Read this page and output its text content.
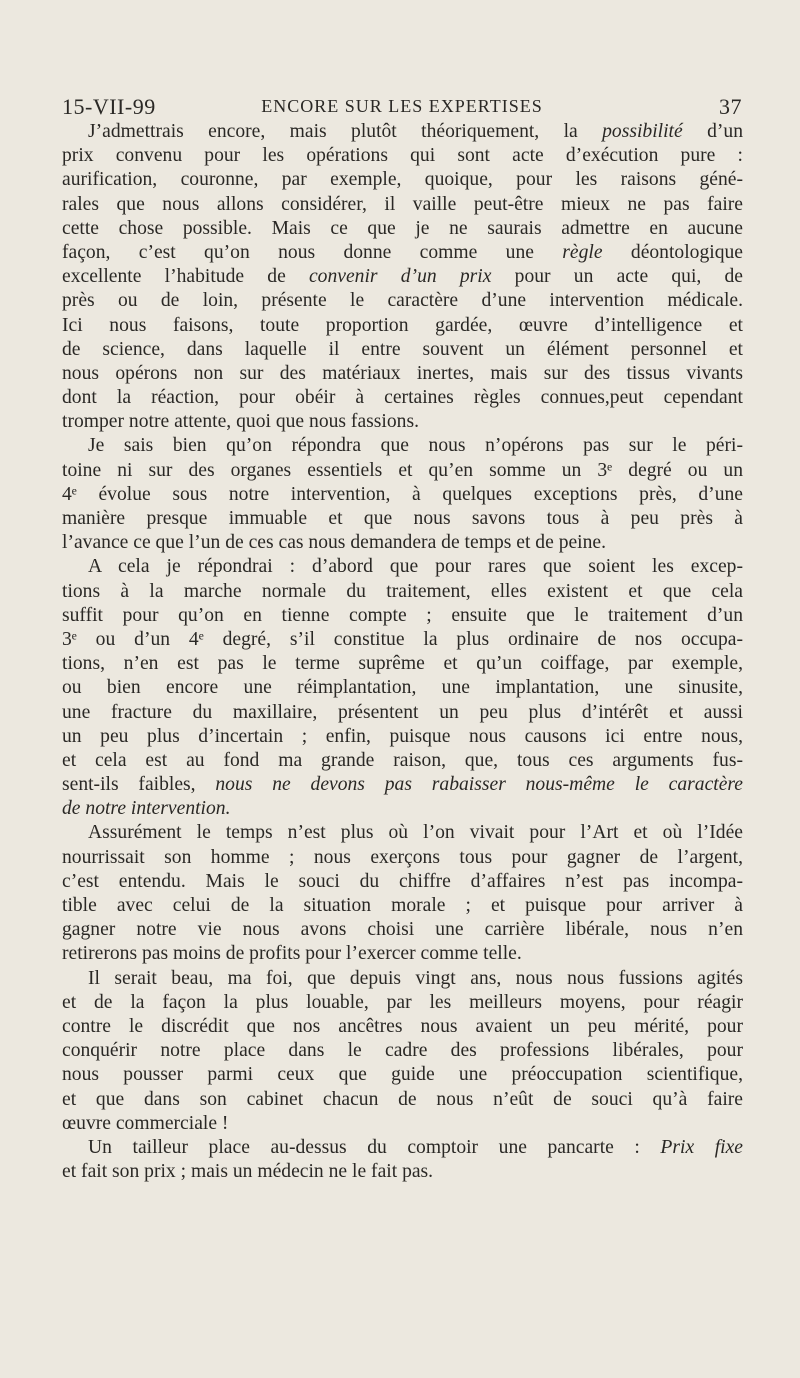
15-VII-99	ENCORE SUR LES EXPERTISES	37
J’admettrais encore, mais plutôt théoriquement, la possibilité d’un
prix convenu pour les opérations qui sont acte d’exécution pure :
aurification, couronne, par exemple, quoique, pour les raisons géné-
rales que nous allons considérer, il vaille peut-être mieux ne pas faire
cette chose possible. Mais ce que je ne saurais admettre en aucune
façon, c’est qu’on nous donne comme une règle déontologique
excellente l’habitude de convenir d’un prix pour un acte qui, de
près ou de loin, présente le caractère d’une intervention médicale.
Ici nous faisons, toute proportion gardée, œuvre d’intelligence et
de science, dans laquelle il entre souvent un élément personnel et
nous opérons non sur des matériaux inertes, mais sur des tissus vivants
dont la réaction, pour obéir à certaines règles connues,peut cependant
tromper notre attente, quoi que nous fassions.
Je sais bien qu’on répondra que nous n’opérons pas sur le péri-
toine ni sur des organes essentiels et qu’en somme un 3ᵉ degré ou un
4ᵉ évolue sous notre intervention, à quelques exceptions près, d’une
manière presque immuable et que nous savons tous à peu près à
l’avance ce que l’un de ces cas nous demandera de temps et de peine.
A cela je répondrai : d’abord que pour rares que soient les excep-
tions à la marche normale du traitement, elles existent et que cela
suffit pour qu’on en tienne compte ; ensuite que le traitement d’un
3ᵉ ou d’un 4ᵉ degré, s’il constitue la plus ordinaire de nos occupa-
tions, n’en est pas le terme suprême et qu’un coiffage, par exemple,
ou bien encore une réimplantation, une implantation, une sinusite,
une fracture du maxillaire, présentent un peu plus d’intérêt et aussi
un peu plus d’incertain ; enfin, puisque nous causons ici entre nous,
et cela est au fond ma grande raison, que, tous ces arguments fus-
sent-ils faibles, nous ne devons pas rabaisser nous-même le caractère
de notre intervention.
Assurément le temps n’est plus où l’on vivait pour l’Art et où l’Idée
nourrissait son homme ; nous exerçons tous pour gagner de l’argent,
c’est entendu. Mais le souci du chiffre d’affaires n’est pas incompa-
tible avec celui de la situation morale ; et puisque pour arriver à
gagner notre vie nous avons choisi une carrière libérale, nous n’en
retirerons pas moins de profits pour l’exercer comme telle.
Il serait beau, ma foi, que depuis vingt ans, nous nous fussions agités
et de la façon la plus louable, par les meilleurs moyens, pour réagir
contre le discrédit que nos ancêtres nous avaient un peu mérité, pour
conquérir notre place dans le cadre des professions libérales, pour
nous pousser parmi ceux que guide une préoccupation scientifique,
et que dans son cabinet chacun de nous n’eût de souci qu’à faire
œuvre commerciale !
Un tailleur place au-dessus du comptoir une pancarte : Prix fixe
et fait son prix ; mais un médecin ne le fait pas.
